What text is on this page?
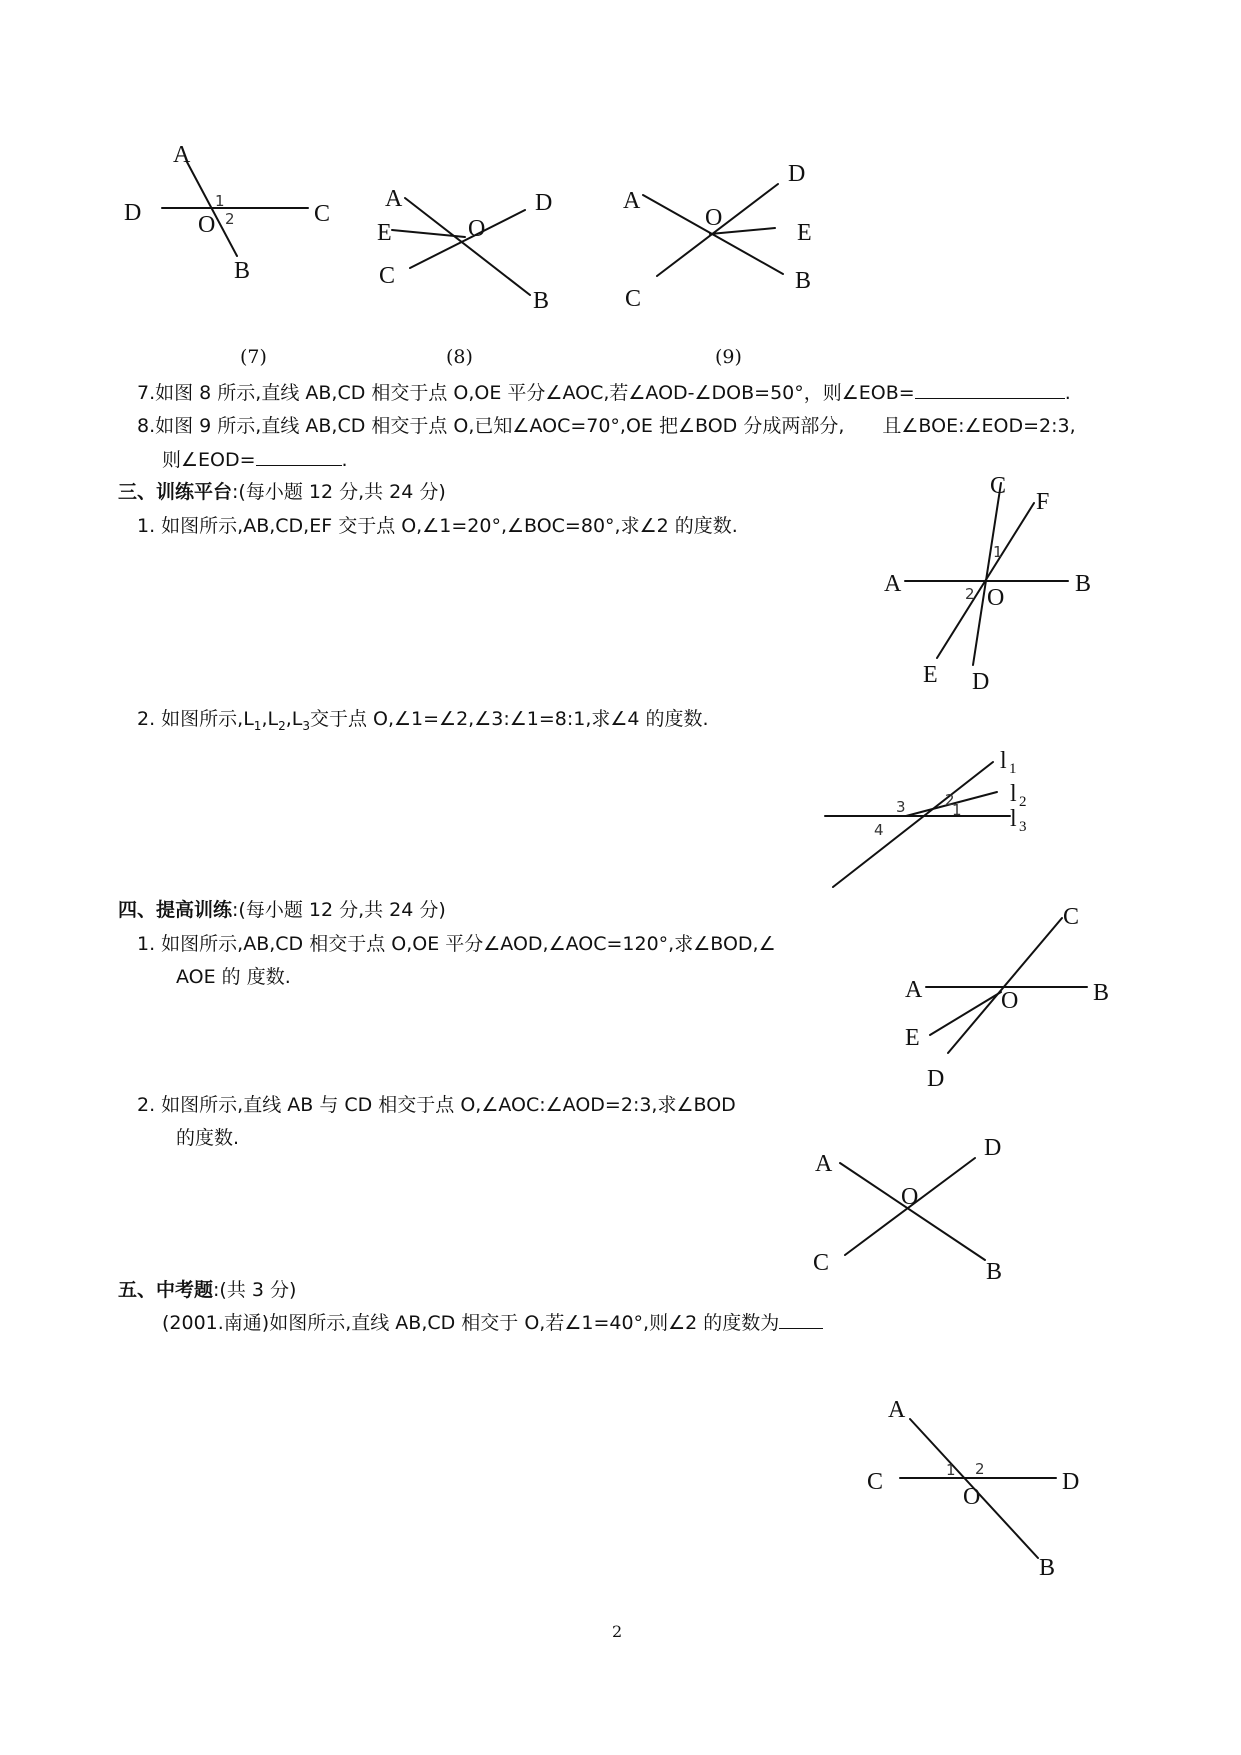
A
D	C
O
B
1
2
(7)
A
E
C
O
D
B
(8)
A
O
D
E
B
C
(9)
7.如图 8 所示,直线 AB,CD 相交于点 O,OE 平分∠AOC,若∠AOD-∠DOB=50°，则∠EOB=	.
8.如图 9 所示,直线 AB,CD 相交于点 O,已知∠AOC=70°,OE 把∠BOD 分成两部分, 且∠BOE:∠EOD=2:3,
则∠EOD=	.
三、训练平台:(每小题 12 分,共 24 分)
1. 如图所示,AB,CD,EF 交于点 O,∠1=20°,∠BOC=80°,求∠2 的度数.
C
F
A	B
O
E D
1
2
2. 如图所示$,L_1,L_2,L_3$交于点 O,∠1=∠2,∠3:∠1=8:1,求∠4 的度数.
l 1
l 2
l 3
3	2
1
4
四、提高训练:(每小题 12 分,共 24 分)
1. 如图所示,AB,CD 相交于点 O,OE 平分∠AOD,∠AOC=120°,求∠BOD,∠
AOE 的 度数.
C
A	B
O
E
D
2. 如图所示,直线 AB 与 CD 相交于点 O,∠AOC:∠AOD=2:3,求∠BOD
的度数.
A
D
O
C	B
五、中考题:(共 3 分)
(2001.南通)如图所示,直线 AB,CD 相交于 O,若∠1=40°,则∠2 的度数为
A
C	D
O
B
1 2
2
